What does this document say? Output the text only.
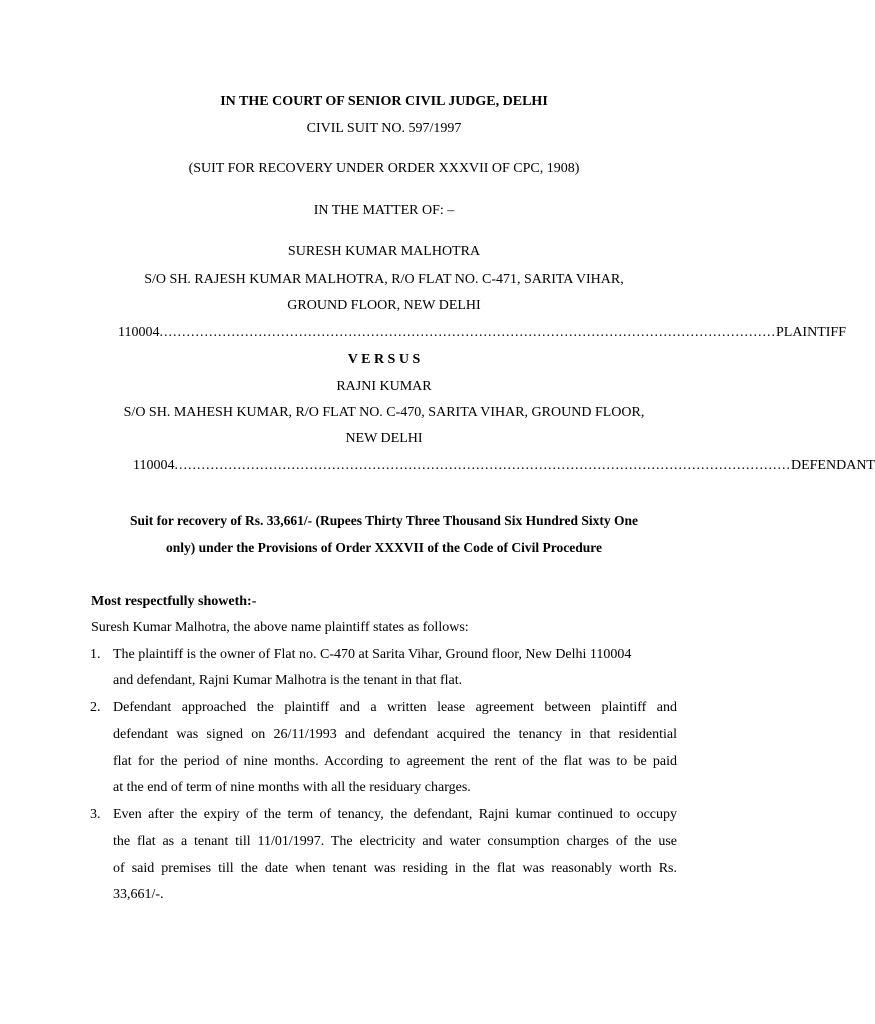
IN THE COURT OF SENIOR CIVIL JUDGE, DELHI
CIVIL SUIT NO. 597/1997
(SUIT FOR RECOVERY UNDER ORDER XXXVII OF CPC, 1908)
IN THE MATTER OF: –
SURESH KUMAR MALHOTRA
S/O SH. RAJESH KUMAR MALHOTRA, R/O FLAT NO. C-471, SARITA VIHAR,
GROUND FLOOR, NEW DELHI
110004 ......................................................................................................................................... PLAINTIFF
V E R S U S
RAJNI KUMAR
S/O SH. MAHESH KUMAR, R/O FLAT NO. C-470, SARITA VIHAR, GROUND FLOOR,
NEW DELHI
110004 ......................................................................................................................................... DEFENDANT
Suit for recovery of Rs. 33,661/- (Rupees Thirty Three Thousand Six Hundred Sixty One
only) under the Provisions of Order XXXVII of the Code of Civil Procedure
Most respectfully showeth:-
Suresh Kumar Malhotra, the above name plaintiff states as follows:
1. The plaintiff is the owner of Flat no. C-470 at Sarita Vihar, Ground floor, New Delhi 110004
and defendant, Rajni Kumar Malhotra is the tenant in that flat.
2. Defendant approached the plaintiff and a written lease agreement between plaintiff and
defendant was signed on 26/11/1993 and defendant acquired the tenancy in that residential
flat for the period of nine months. According to agreement the rent of the flat was to be paid
at the end of term of nine months with all the residuary charges.
3. Even after the expiry of the term of tenancy, the defendant, Rajni kumar continued to occupy
the flat as a tenant till 11/01/1997. The electricity and water consumption charges of the use
of said premises till the date when tenant was residing in the flat was reasonably worth Rs.
33,661/-.
